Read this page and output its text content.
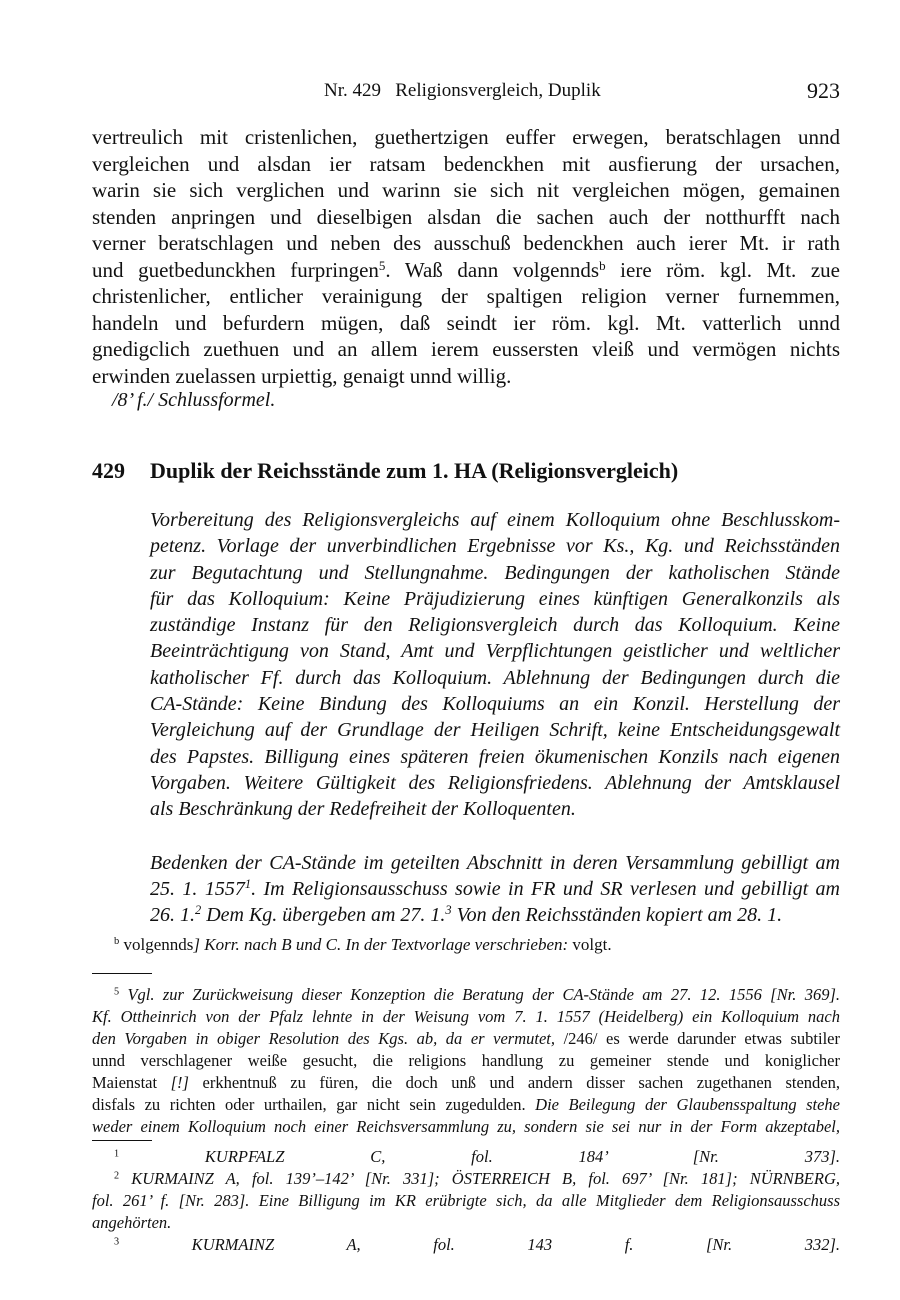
Nr. 429   Religionsvergleich, Duplik	923
vertreulich mit cristenlichen, guethertzigen euffer erwegen, beratschlagen unnd
vergleichen und alsdan ier ratsam bedenckhen mit ausfierung der ursachen,
warin sie sich verglichen und warinn sie sich nit vergleichen mögen, gemainen
stenden anpringen und dieselbigen alsdan die sachen auch der notthurfft nach
verner beratschlagen und neben des ausschuß bedenckhen auch ierer Mt. ir rath
und guetbedunckhen furpringen$^5$. Waß dann volgennds$^b$ iere röm. kgl. Mt. zue
christenlicher, entlicher verainigung der spaltigen religion verner furnemmen,
handeln und befurdern mügen, daß seindt ier röm. kgl. Mt. vatterlich unnd
gnedigclich zuethuen und an allem ierem eussersten vleiß und vermögen nichts
erwinden zuelassen urpiettig, genaigt unnd willig.
/8’ f./ Schlussformel.
429 Duplik der Reichsstände zum 1. HA (Religionsvergleich)
Vorbereitung des Religionsvergleichs auf einem Kolloquium ohne Beschlusskom-
petenz. Vorlage der unverbindlichen Ergebnisse vor Ks., Kg. und Reichsständen
zur Begutachtung und Stellungnahme. Bedingungen der katholischen Stände
für das Kolloquium: Keine Präjudizierung eines künftigen Generalkonzils als
zuständige Instanz für den Religionsvergleich durch das Kolloquium. Keine
Beeinträchtigung von Stand, Amt und Verpflichtungen geistlicher und weltlicher
katholischer Ff. durch das Kolloquium. Ablehnung der Bedingungen durch die
CA-Stände: Keine Bindung des Kolloquiums an ein Konzil. Herstellung der
Vergleichung auf der Grundlage der Heiligen Schrift, keine Entscheidungsgewalt
des Papstes. Billigung eines späteren freien ökumenischen Konzils nach eigenen
Vorgaben. Weitere Gültigkeit des Religionsfriedens. Ablehnung der Amtsklausel
als Beschränkung der Redefreiheit der Kolloquenten.
Bedenken der CA-Stände im geteilten Abschnitt in deren Versammlung gebilligt am
25. 1. 1557$^1$. Im Religionsausschuss sowie in FR und SR verlesen und gebilligt am
26. 1.$^2$ Dem Kg. übergeben am 27. 1.$^3$ Von den Reichsständen kopiert am 28. 1.
$^b$ volgennds] Korr. nach B und C. In der Textvorlage verschrieben: volgt.
$^5$ Vgl. zur Zurückweisung dieser Konzeption die Beratung der CA-Stände am 27. 12. 1556 [Nr. 369].
Kf. Ottheinrich von der Pfalz lehnte in der Weisung vom 7. 1. 1557 (Heidelberg) ein Kolloquium nach
den Vorgaben in obiger Resolution des Kgs. ab, da er vermutet, /246/ es werde darunder etwas subtiler
unnd verschlagener weiße gesucht, die religions handlung zu gemeiner stende und koniglicher
Maienstat [!] erkhentnuß zu füren, die doch unß und andern disser sachen zugethanen stenden,
disfals zu richten oder urthailen, gar nicht sein zugedulden. Die Beilegung der Glaubensspaltung stehe
weder einem Kolloquium noch einer Reichsversammlung zu, sondern sie sei nur in der Form akzeptabel,
$^1$ KURPFALZ C, fol. 184’ [Nr. 373].
$^2$ KURMAINZ A, fol. 139’–142’ [Nr. 331]; ÖSTERREICH B, fol. 697’ [Nr. 181]; NÜRNBERG,
fol. 261’ f. [Nr. 283]. Eine Billigung im KR erübrigte sich, da alle Mitglieder dem Religionsausschuss
angehörten.
$^3$ KURMAINZ A, fol. 143 f. [Nr. 332].
